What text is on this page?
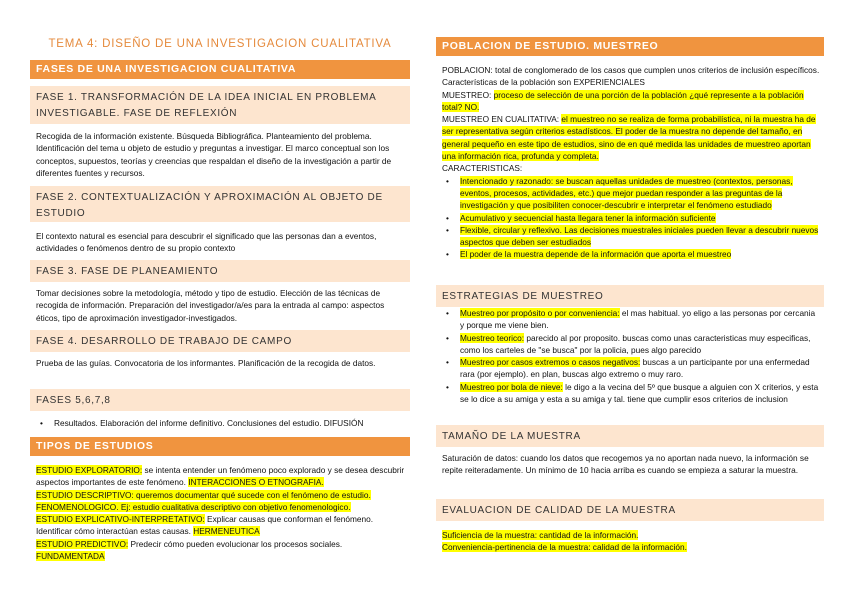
TEMA 4: DISEÑO DE UNA INVESTIGACION CUALITATIVA
FASES DE UNA INVESTIGACION CUALITATIVA
FASE 1. TRANSFORMACIÓN DE LA IDEA INICIAL EN PROBLEMA INVESTIGABLE. FASE DE REFLEXIÓN
Recogida de la información existente. Búsqueda Bibliográfica. Planteamiento del problema. Identificación del tema u objeto de estudio y preguntas a investigar. El marco conceptual son los conceptos, supuestos, teorías y creencias que respaldan el diseño de la investigación a partir de diferentes fuentes y recursos.
FASE 2. CONTEXTUALIZACIÓN Y APROXIMACIÓN AL OBJETO DE ESTUDIO
El contexto natural es esencial para descubrir el significado que las personas dan a eventos, actividades o fenómenos dentro de su propio contexto
FASE 3. FASE DE PLANEAMIENTO
Tomar decisiones sobre la metodología, método y tipo de estudio. Elección de las técnicas de recogida de información. Preparación del investigador/a/es para la entrada al campo: aspectos éticos, tipo de aproximación investigador-investigados.
FASE 4. DESARROLLO DE TRABAJO DE CAMPO
Prueba de las guías. Convocatoria de los informantes. Planificación de la recogida de datos.
FASES 5,6,7,8
• Resultados. Elaboración del informe definitivo. Conclusiones del estudio. DIFUSIÓN
TIPOS DE ESTUDIOS
ESTUDIO EXPLORATORIO: se intenta entender un fenómeno poco explorado y se desea descubrir aspectos importantes de este fenómeno. INTERACCIONES O ETNOGRAFIA.
ESTUDIO DESCRIPTIVO: queremos documentar qué sucede con el fenómeno de estudio.
FENOMENOLOGICO. Ej: estudio cualitativa descriptivo con objetivo fenomenologico.
ESTUDIO EXPLICATIVO-INTERPRETATIVO: Explicar causas que conforman el fenómeno. Identificar cómo interactúan estas causas. HERMENEUTICA
ESTUDIO PREDICTIVO: Predecir cómo pueden evolucionar los procesos sociales.
FUNDAMENTADA
POBLACION DE ESTUDIO. MUESTREO
POBLACION: total de conglomerado de los casos que cumplen unos criterios de inclusión específicos. Características de la población son EXPERIENCIALES
MUESTREO: proceso de selección de una porción de la población ¿qué represente a la población total? NO.
MUESTREO EN CUALITATIVA: el muestreo no se realiza de forma probabilística, ni la muestra ha de ser representativa según criterios estadísticos. El poder de la muestra no depende del tamaño, en general pequeño en este tipo de estudios, sino de en qué medida las unidades de muestreo aportan una información rica, profunda y completa.
CARACTERISTICAS:
• Intencionado y razonado: se buscan aquellas unidades de muestreo (contextos, personas, eventos, procesos, actividades, etc.) que mejor puedan responder a las preguntas de la investigación y que posibiliten conocer-descubrir e interpretar el fenómeno estudiado
• Acumulativo y secuencial hasta llegara tener la información suficiente
• Flexible, circular y reflexivo. Las decisiones muestrales iniciales pueden llevar a descubrir nuevos aspectos que deben ser estudiados
• El poder de la muestra depende de la información que aporta el muestreo
ESTRATEGIAS DE MUESTREO
• Muestreo por propósito o por conveniencia: el mas habitual. yo eligo a las personas por cercania y porque me viene bien.
• Muestreo teorico: parecido al por proposito. buscas como unas caracteristicas muy especificas, como los carteles de "se busca" por la policia, pues algo parecido
• Muestreo por casos extremos o casos negativos: buscas a un participante por una enfermedad rara (por ejemplo). en plan, buscas algo extremo o muy raro.
• Muestreo por bola de nieve: le digo a la vecina del 5º que busque a alguien con X criterios, y esta se lo dice a su amiga y esta a su amiga y tal. tiene que cumplir esos criterios de inclusion
TAMAÑO DE LA MUESTRA
Saturación de datos: cuando los datos que recogemos ya no aportan nada nuevo, la información se repite reiteradamente. Un mínimo de 10 hacia arriba es cuando se empieza a saturar la muestra.
EVALUACION DE CALIDAD DE LA MUESTRA
Suficiencia de la muestra: cantidad de la información.
Conveniencia-pertinencia de la muestra: calidad de la información.
